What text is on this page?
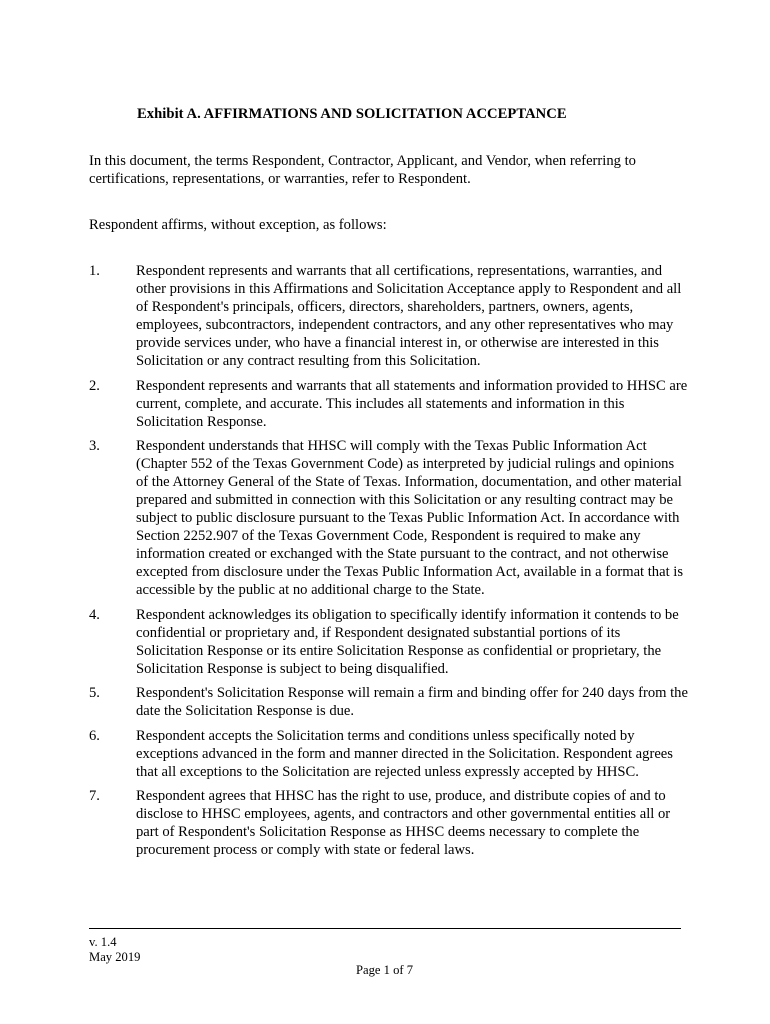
Exhibit A. AFFIRMATIONS AND SOLICITATION ACCEPTANCE

In this document, the terms Respondent, Contractor, Applicant, and Vendor, when referring to certifications, representations, or warranties, refer to Respondent.

Respondent affirms, without exception, as follows:

1. Respondent represents and warrants that all certifications, representations, warranties, and other provisions in this Affirmations and Solicitation Acceptance apply to Respondent and all of Respondent's principals, officers, directors, shareholders, partners, owners, agents, employees, subcontractors, independent contractors, and any other representatives who may provide services under, who have a financial interest in, or otherwise are interested in this Solicitation or any contract resulting from this Solicitation.
2. Respondent represents and warrants that all statements and information provided to HHSC are current, complete, and accurate. This includes all statements and information in this Solicitation Response.
3. Respondent understands that HHSC will comply with the Texas Public Information Act (Chapter 552 of the Texas Government Code) as interpreted by judicial rulings and opinions of the Attorney General of the State of Texas. Information, documentation, and other material prepared and submitted in connection with this Solicitation or any resulting contract may be subject to public disclosure pursuant to the Texas Public Information Act. In accordance with Section 2252.907 of the Texas Government Code, Respondent is required to make any information created or exchanged with the State pursuant to the contract, and not otherwise excepted from disclosure under the Texas Public Information Act, available in a format that is accessible by the public at no additional charge to the State.
4. Respondent acknowledges its obligation to specifically identify information it contends to be confidential or proprietary and, if Respondent designated substantial portions of its Solicitation Response or its entire Solicitation Response as confidential or proprietary, the Solicitation Response is subject to being disqualified.
5. Respondent's Solicitation Response will remain a firm and binding offer for 240 days from the date the Solicitation Response is due.
6. Respondent accepts the Solicitation terms and conditions unless specifically noted by exceptions advanced in the form and manner directed in the Solicitation. Respondent agrees that all exceptions to the Solicitation are rejected unless expressly accepted by HHSC.
7. Respondent agrees that HHSC has the right to use, produce, and distribute copies of and to disclose to HHSC employees, agents, and contractors and other governmental entities all or part of Respondent's Solicitation Response as HHSC deems necessary to complete the procurement process or comply with state or federal laws.
v. 1.4
May 2019
Page 1 of 7
